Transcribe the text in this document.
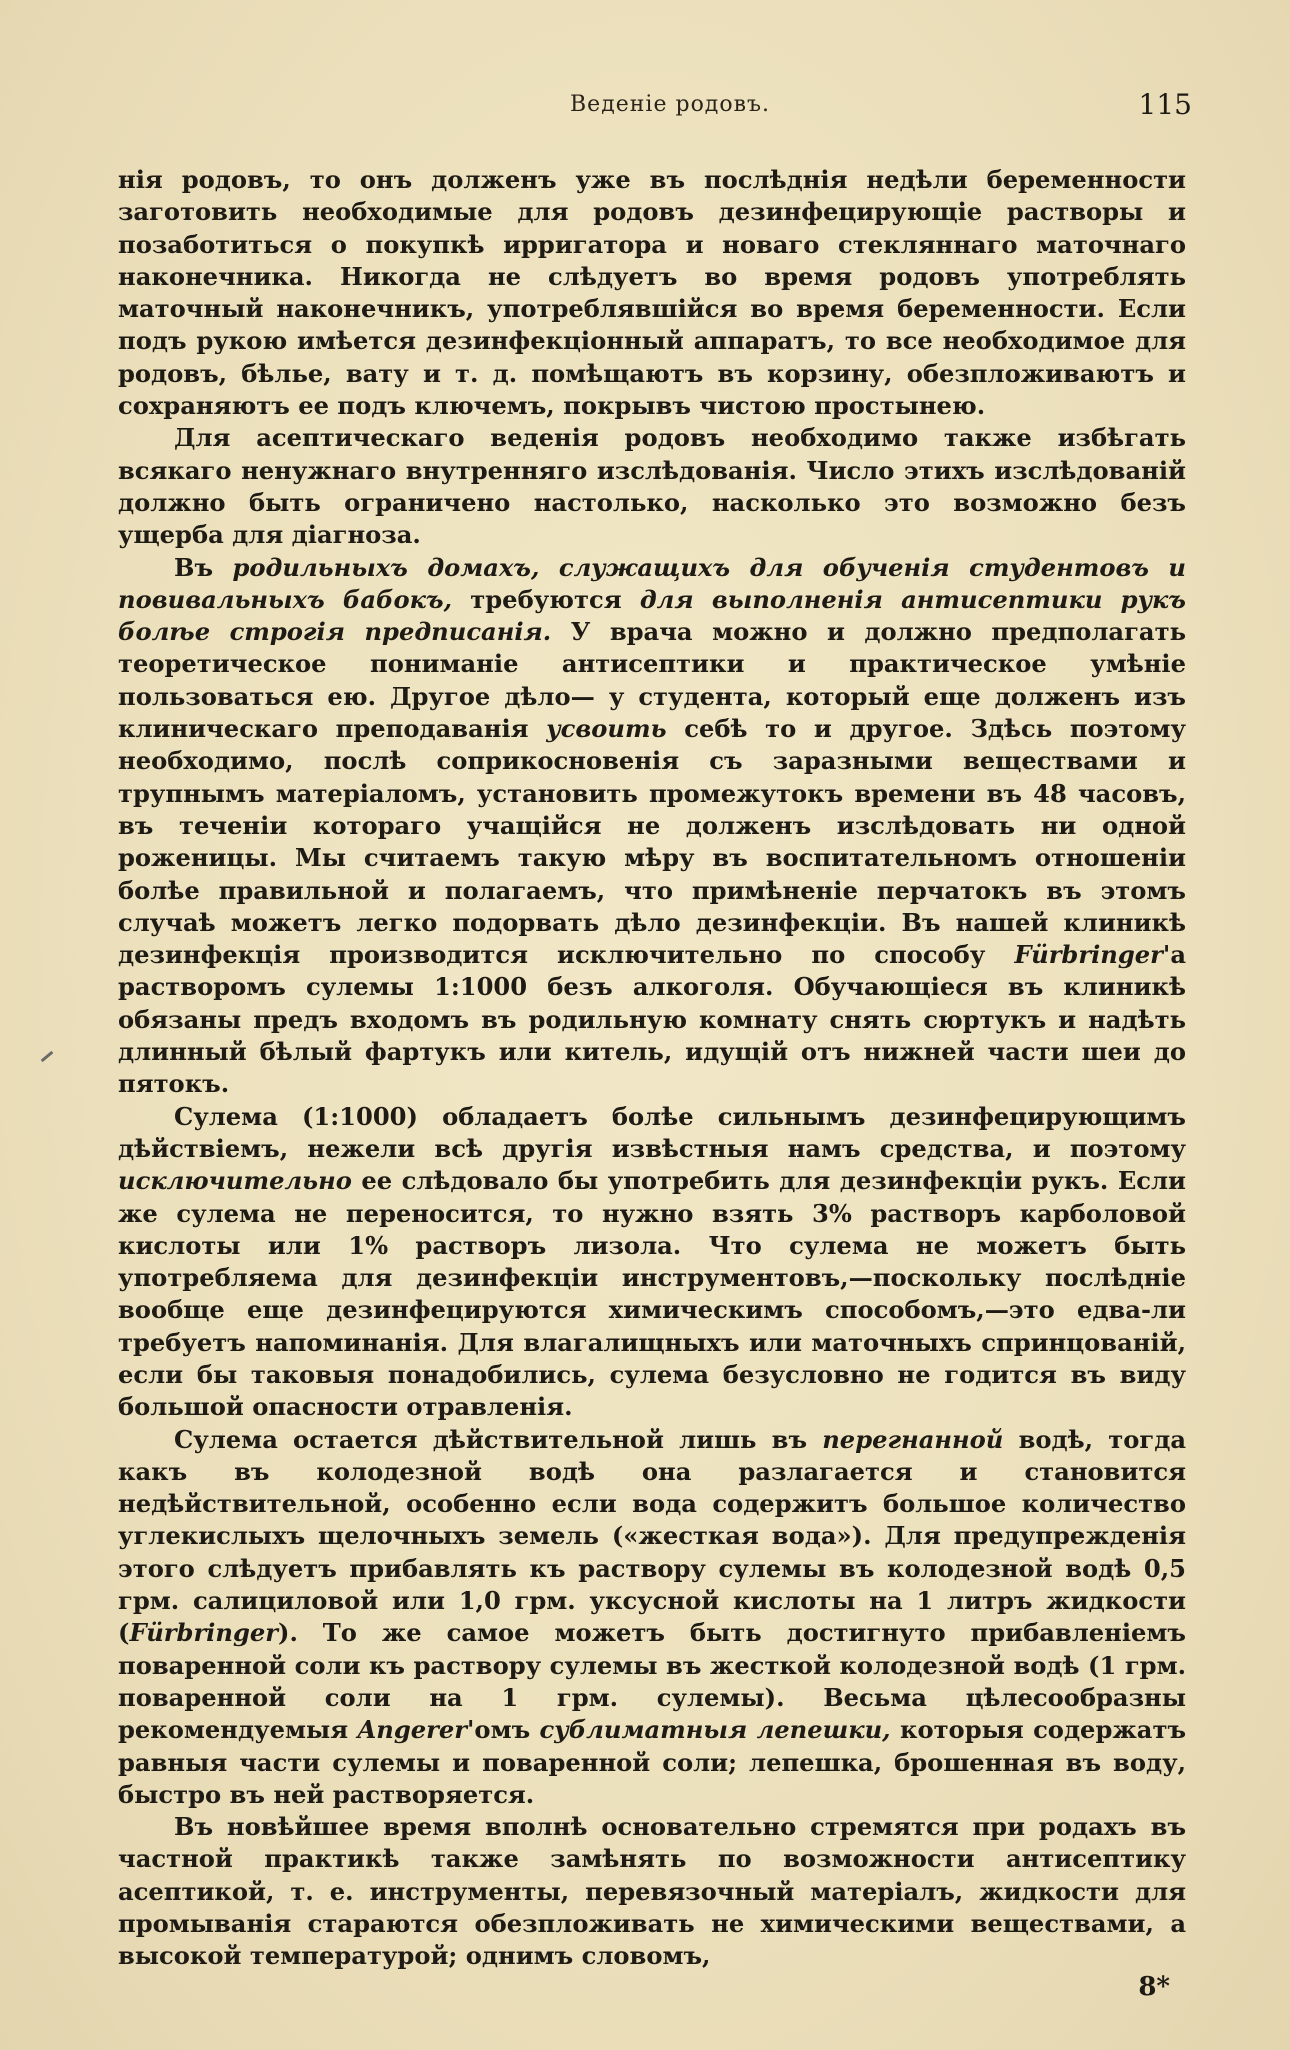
Веденіе родовъ.	115

нія родовъ, то онъ долженъ уже въ послѣднія недѣли беременности заготовить необходимые для родовъ дезинфецирующіе растворы и позаботиться о покупкѣ ирригатора и новаго стекляннаго маточнаго наконечника. Никогда не слѣдуетъ во время родовъ употреблять маточный наконечникъ, употреблявшійся во время беременности. Если подъ рукою имѣется дезинфекціонный аппаратъ, то все необходимое для родовъ, бѣлье, вату и т. д. помѣщаютъ въ корзину, обезпложиваютъ и сохраняютъ ее подъ ключемъ, покрывъ чистою простынею.

Для асептическаго веденія родовъ необходимо также избѣгать всякаго ненужнаго внутренняго изслѣдованія. Число этихъ изслѣдованій должно быть ограничено настолько, насколько это возможно безъ ущерба для діагноза.

Въ родильныхъ домахъ, служащихъ для обученія студентовъ и повивальныхъ бабокъ, требуются для выполненія антисептики рукъ болѣе строгія предписанія. У врача можно и должно предполагать теоретическое пониманіе антисептики и практическое умѣніе пользоваться ею. Другое дѣло— у студента, который еще долженъ изъ клиническаго преподаванія усвоить себѣ то и другое. Здѣсь поэтому необходимо, послѣ соприкосновенія съ заразными веществами и трупнымъ матеріаломъ, установить промежутокъ времени въ 48 часовъ, въ теченіи котораго учащійся не долженъ изслѣдовать ни одной роженицы. Мы считаемъ такую мѣру въ воспитательномъ отношеніи болѣе правильной и полагаемъ, что примѣненіе перчатокъ въ этомъ случаѣ можетъ легко подорвать дѣло дезинфекціи. Въ нашей клиникѣ дезинфекція производится исключительно по способу Fürbringer'а растворомъ сулемы 1:1000 безъ алкоголя. Обучающіеся въ клиникѣ обязаны предъ входомъ въ родильную комнату снять сюртукъ и надѣть длинный бѣлый фартукъ или китель, идущій отъ нижней части шеи до пятокъ.

Сулема (1:1000) обладаетъ болѣе сильнымъ дезинфецирующимъ дѣйствіемъ, нежели всѣ другія извѣстныя намъ средства, и поэтому исключительно ее слѣдовало бы употребить для дезинфекціи рукъ. Если же сулема не переносится, то нужно взять 3% растворъ карболовой кислоты или 1% растворъ лизола. Что сулема не можетъ быть употребляема для дезинфекціи инструментовъ,—поскольку послѣдніе вообще еще дезинфецируются химическимъ способомъ,—это едва-ли требуетъ напоминанія. Для влагалищныхъ или маточныхъ спринцованій, если бы таковыя понадобились, сулема безусловно не годится въ виду большой опасности отравленія.

Сулема остается дѣйствительной лишь въ перегнанной водѣ, тогда какъ въ колодезной водѣ она разлагается и становится недѣйствительной, особенно если вода содержитъ большое количество углекислыхъ щелочныхъ земель («жесткая вода»). Для предупрежденія этого слѣдуетъ прибавлять къ раствору сулемы въ колодезной водѣ 0,5 грм. салициловой или 1,0 грм. уксусной кислоты на 1 литръ жидкости (Fürbringer). То же самое можетъ быть достигнуто прибавленіемъ поваренной соли къ раствору сулемы въ жесткой колодезной водѣ (1 грм. поваренной соли на 1 грм. сулемы). Весьма цѣлесообразны рекомендуемыя Angerer'омъ сублиматныя лепешки, которыя содержатъ равныя части сулемы и поваренной соли; лепешка, брошенная въ воду, быстро въ ней растворяется.

Въ новѣйшее время вполнѣ основательно стремятся при родахъ въ частной практикѣ также замѣнять по возможности антисептику асептикой, т. е. инструменты, перевязочный матеріалъ, жидкости для промыванія стараются обезпложивать не химическими веществами, а высокой температурой; однимъ словомъ,

8*
